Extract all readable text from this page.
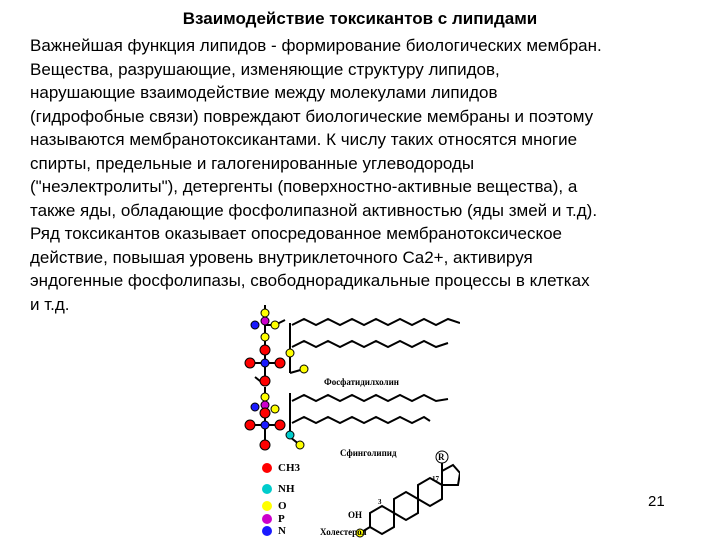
Взаимодействие токсикантов с липидами

Важнейшая функция липидов - формирование биологических мембран.
Вещества, разрушающие, изменяющие структуру липидов,
нарушающие взаимодействие между молекулами липидов
(гидрофобные связи) повреждают биологические мембраны и поэтому
называются мембранотоксикантами. К числу таких относятся многие
спирты, предельные и галогенированные углеводороды
("неэлектролиты"), детергенты (поверхностно-активные вещества), а
также яды, обладающие фосфолипазной активностью (яды змей и т.д).
Ряд токсикантов оказывает опосредованное мембранотоксическое
действие, повышая уровень внутриклеточного Ca2+, активируя
эндогенные фосфолипазы, свободнорадикальные процессы в клетках
и т.д.

Фосфатидилхолин
Сфинголипид
Холестерол
R
OH
17
3
CH3
NH
O
P
N
21
